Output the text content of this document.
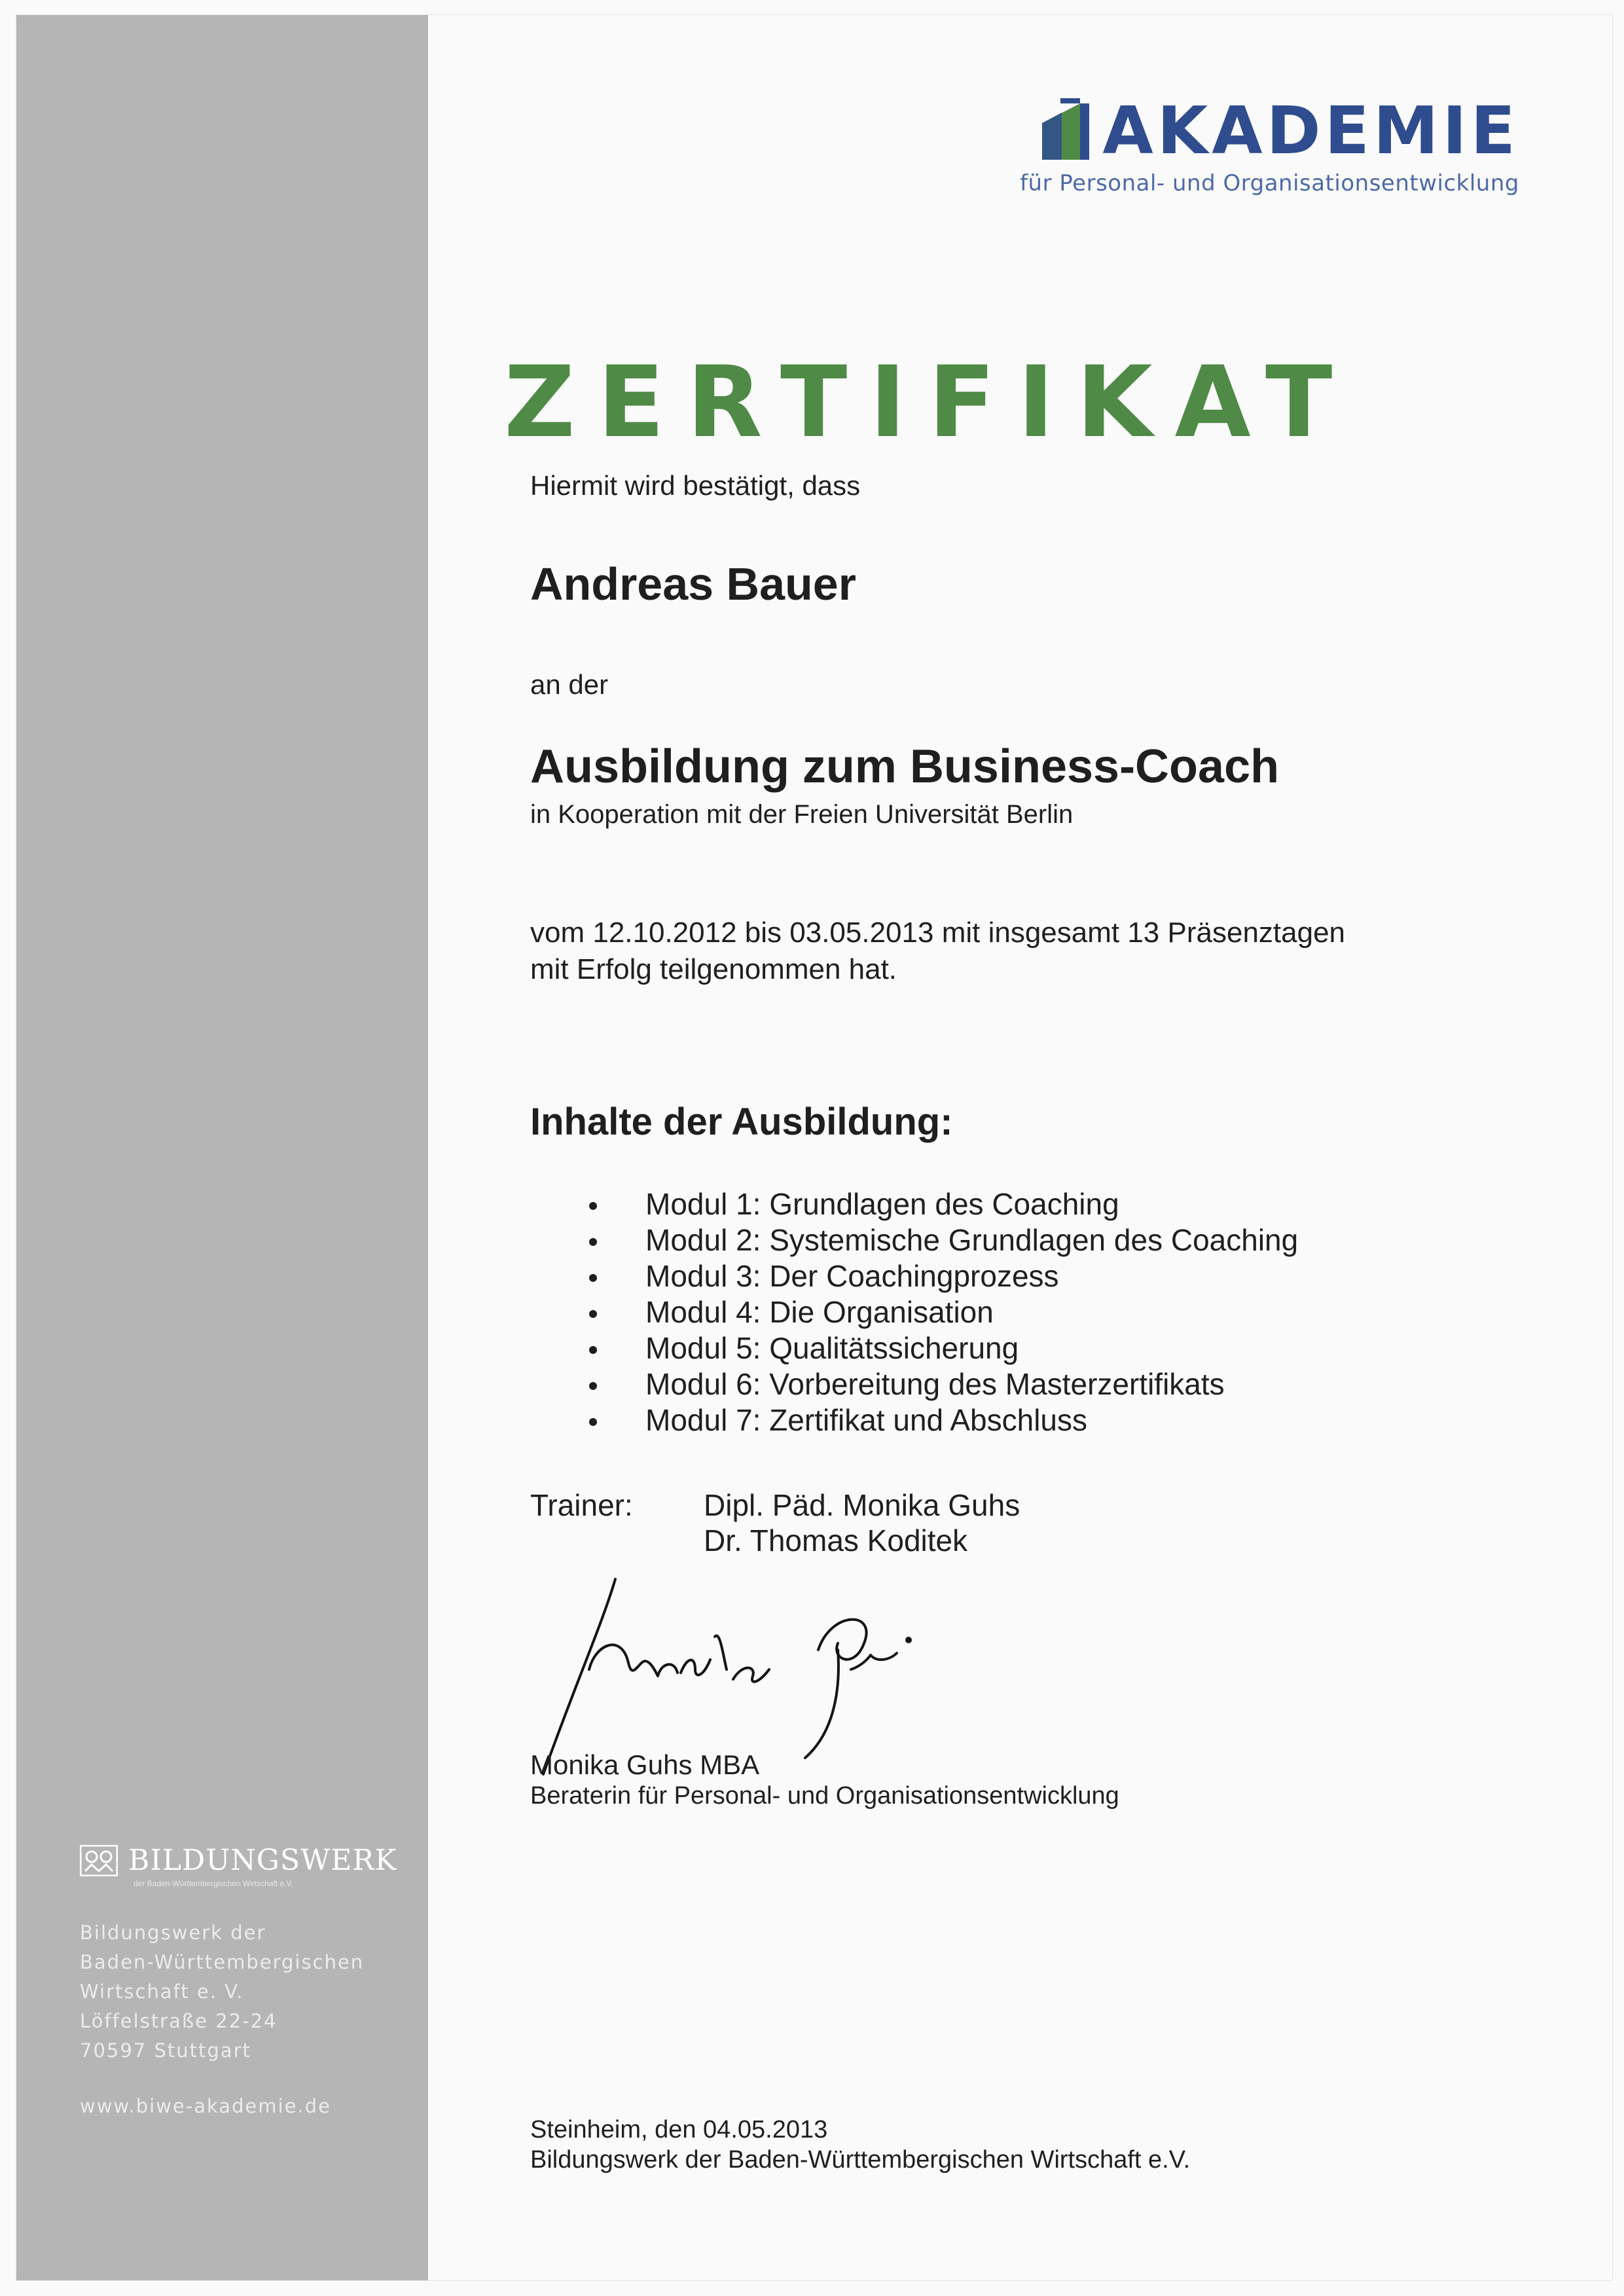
AKADEMIE
für Personal- und Organisationsentwicklung
ZERTIFIKAT
Hiermit wird bestätigt, dass
Andreas Bauer
an der
Ausbildung zum Business-Coach
in Kooperation mit der Freien Universität Berlin
vom 12.10.2012 bis 03.05.2013 mit insgesamt 13 Präsenztagen
mit Erfolg teilgenommen hat.
Inhalte der Ausbildung:
Modul 1: Grundlagen des Coaching
Modul 2: Systemische Grundlagen des Coaching
Modul 3: Der Coachingprozess
Modul 4: Die Organisation
Modul 5: Qualitätssicherung
Modul 6: Vorbereitung des Masterzertifikats
Modul 7: Zertifikat und Abschluss
Trainer: Dipl. Päd. Monika Guhs
Dr. Thomas Koditek
Monika Guhs MBA
Beraterin für Personal- und Organisationsentwicklung
Steinheim, den 04.05.2013
Bildungswerk der Baden-Württembergischen Wirtschaft e.V.
BILDUNGSWERK
der Baden-Württembergischen Wirtschaft e.V.
Bildungswerk der
Baden-Württembergischen
Wirtschaft e. V.
Löffelstraße 22-24
70597 Stuttgart
www.biwe-akademie.de
